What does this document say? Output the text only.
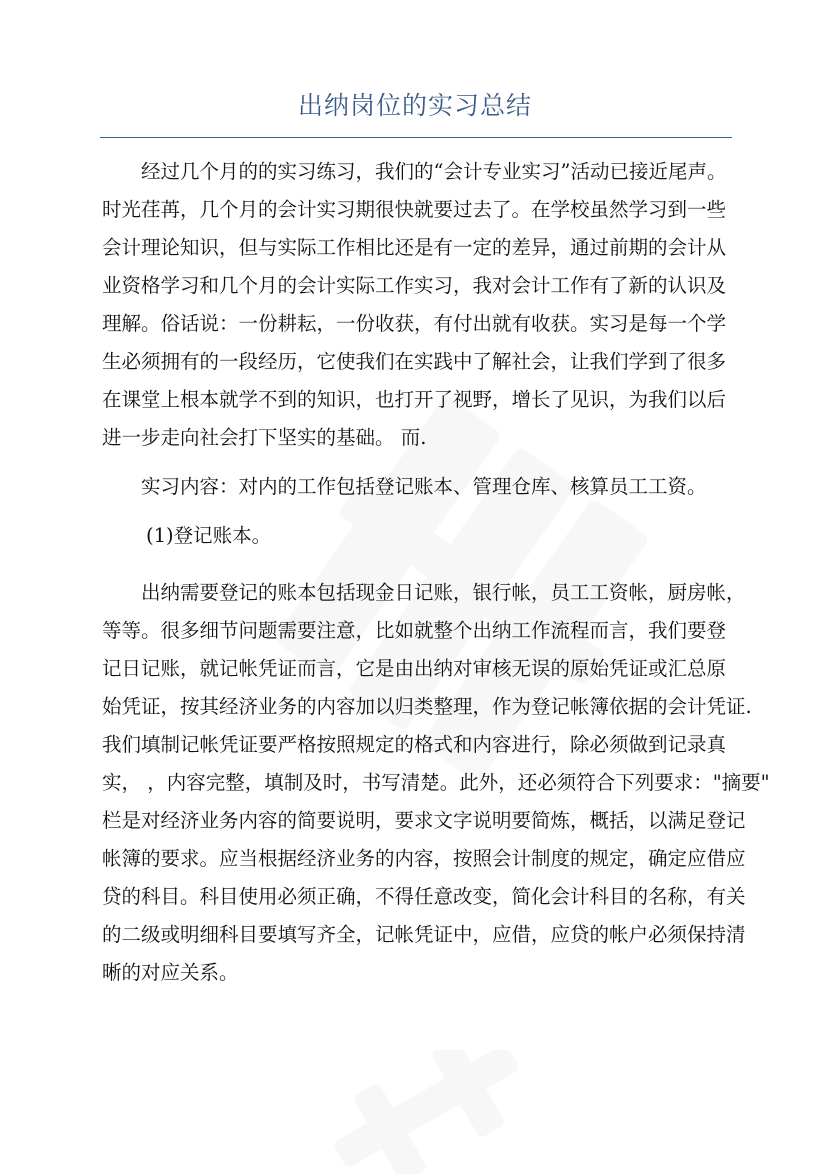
出纳岗位的实习总结
经过几个月的的实习练习，我们的“会计专业实习”活动已接近尾声。
时光荏苒，几个月的会计实习期很快就要过去了。在学校虽然学习到一些
会计理论知识，但与实际工作相比还是有一定的差异，通过前期的会计从
业资格学习和几个月的会计实际工作实习，我对会计工作有了新的认识及
理解。俗话说：一份耕耘，一份收获，有付出就有收获。实习是每一个学
生必须拥有的一段经历，它使我们在实践中了解社会，让我们学到了很多
在课堂上根本就学不到的知识，也打开了视野，增长了见识，为我们以后
进一步走向社会打下坚实的基础。 而.
实习内容：对内的工作包括登记账本、管理仓库、核算员工工资。
(1)登记账本。
出纳需要登记的账本包括现金日记账，银行帐，员工工资帐，厨房帐，
等等。很多细节问题需要注意，比如就整个出纳工作流程而言，我们要登
记日记账，就记帐凭证而言，它是由出纳对审核无误的原始凭证或汇总原
始凭证，按其经济业务的内容加以归类整理，作为登记帐簿依据的会计凭证.
我们填制记帐凭证要严格按照规定的格式和内容进行，除必须做到记录真
实， ，内容完整，填制及时，书写清楚。此外，还必须符合下列要求："摘要"
栏是对经济业务内容的简要说明，要求文字说明要简炼，概括，以满足登记
帐簿的要求。应当根据经济业务的内容，按照会计制度的规定，确定应借应
贷的科目。科目使用必须正确，不得任意改变，简化会计科目的名称，有关
的二级或明细科目要填写齐全，记帐凭证中，应借，应贷的帐户必须保持清
晰的对应关系。
